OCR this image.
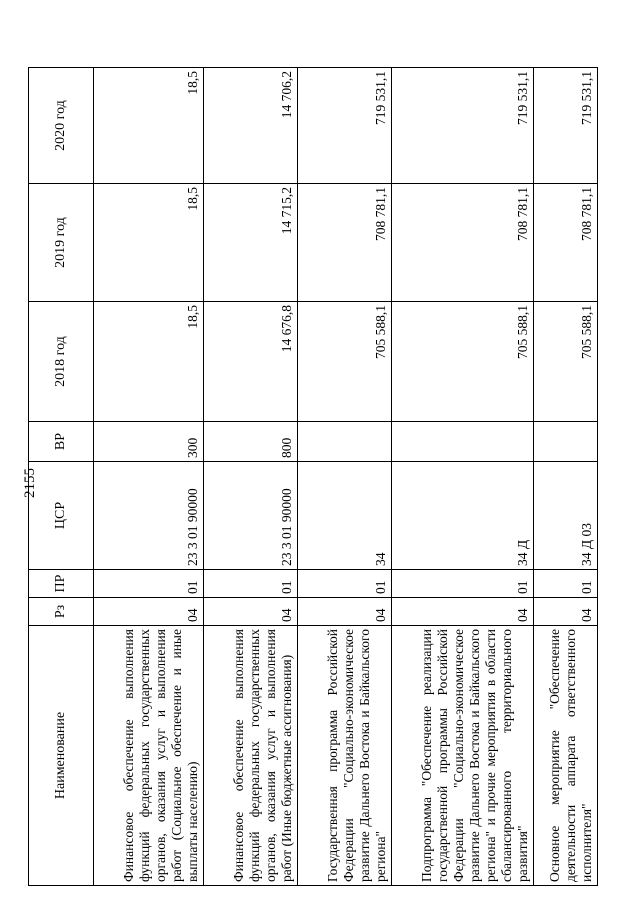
2155
Наименование	Рз	ПР	ЦСР	ВР	2018 год	2019 год	2020 год
Финансовое обеспечение выполнения функций федеральных государственных органов, оказания услуг и выполнения работ (Социальное обеспечение и иные выплаты населению)	04	01	23 3 01 90000	300	18,5	18,5	18,5
Финансовое обеспечение выполнения функций федеральных государственных органов, оказания услуг и выполнения работ (Иные бюджетные ассигнования)	04	01	23 3 01 90000	800	14 676,8	14 715,2	14 706,2
Государственная программа Российской Федерации "Социально-экономическое развитие Дальнего Востока и Байкальского региона"	04	01	34		705 588,1	708 781,1	719 531,1
Подпрограмма "Обеспечение реализации государственной программы Российской Федерации "Социально-экономическое развитие Дальнего Востока и Байкальского региона" и прочие мероприятия в области сбалансированного территориального развития"	04	01	34 Д		705 588,1	708 781,1	719 531,1
Основное мероприятие "Обеспечение деятельности аппарата ответственного исполнителя"	04	01	34 Д 03		705 588,1	708 781,1	719 531,1
